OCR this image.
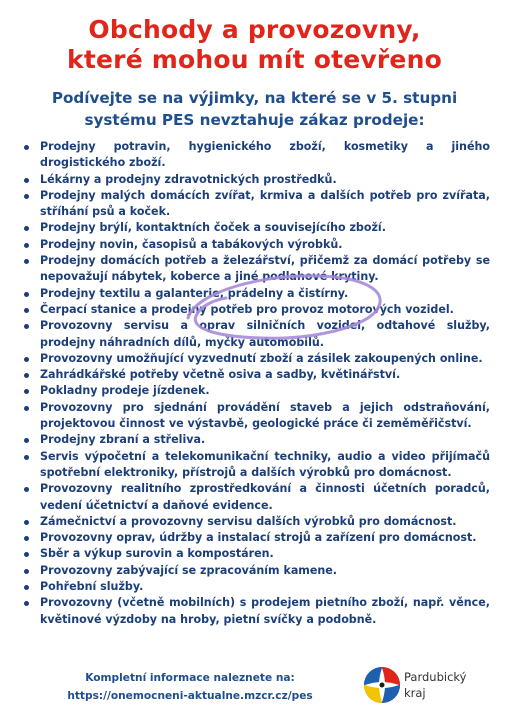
Obchody a provozovny,
které mohou mít otevřeno
Podívejte se na výjimky, na které se v 5. stupni
systému PES nevztahuje zákaz prodeje:
Prodejny potravin, hygienického zboží, kosmetiky a jiného drogistického zboží.
Lékárny a prodejny zdravotnických prostředků.
Prodejny malých domácích zvířat, krmiva a dalších potřeb pro zvířata, stříhání psů a koček.
Prodejny brýlí, kontaktních čoček a souvisejícího zboží.
Prodejny novin, časopisů a tabákových výrobků.
Prodejny domácích potřeb a železářství, přičemž za domácí potřeby se nepovažují nábytek, koberce a jiné podlahové krytiny.
Prodejny textilu a galanterie, prádelny a čistírny.
Čerpací stanice a prodejny potřeb pro provoz motorových vozidel.
Provozovny servisu a oprav silničních vozidel, odtahové služby, prodejny náhradních dílů, myčky automobilů.
Provozovny umožňující vyzvednutí zboží a zásilek zakoupených online.
Zahrádkářské potřeby včetně osiva a sadby, květinářství.
Pokladny prodeje jízdenek.
Provozovny pro sjednání provádění staveb a jejich odstraňování, projektovou činnost ve výstavbě, geologické práce či zeměměřičství.
Prodejny zbraní a střeliva.
Servis výpočetní a telekomunikační techniky, audio a video přijímačů spotřební elektroniky, přístrojů a dalších výrobků pro domácnost.
Provozovny realitního zprostředkování a činnosti účetních poradců, vedení účetnictví a daňové evidence.
Zámečnictví a provozovny servisu dalších výrobků pro domácnost.
Provozovny oprav, údržby a instalací strojů a zařízení pro domácnost.
Sběr a výkup surovin a kompostáren.
Provozovny zabývající se zpracováním kamene.
Pohřební služby.
Provozovny (včetně mobilních) s prodejem pietního zboží, např. věnce, květinové výzdoby na hroby, pietní svíčky a podobně.
Kompletní informace naleznete na:
https://onemocneni-aktualne.mzcr.cz/pes
Pardubický
kraj
